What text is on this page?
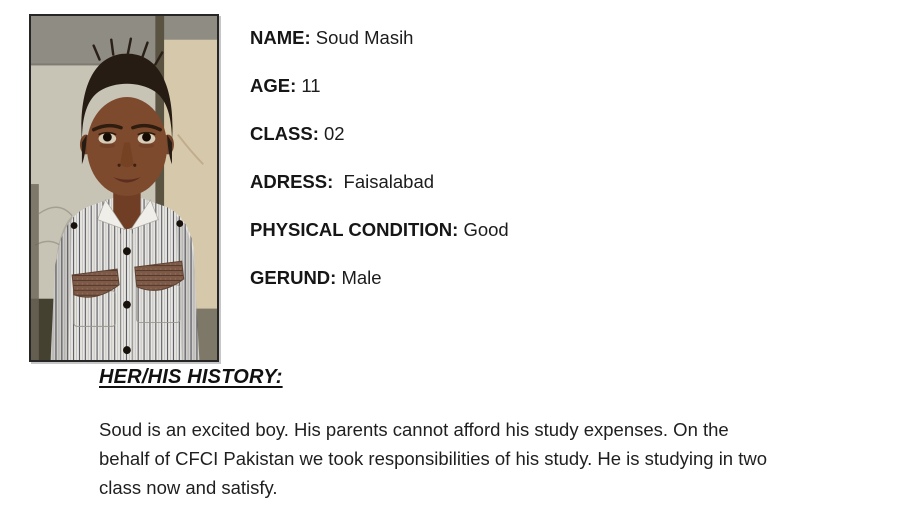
NAME: Soud Masih
AGE: 11
CLASS: 02
ADRESS:  Faisalabad
PHYSICAL CONDITION: Good
GERUND: Male
HER/HIS HISTORY:
Soud is an excited boy. His parents cannot afford his study expenses. On the
behalf of CFCI Pakistan we took responsibilities of his study. He is studying in two
class now and satisfy.
